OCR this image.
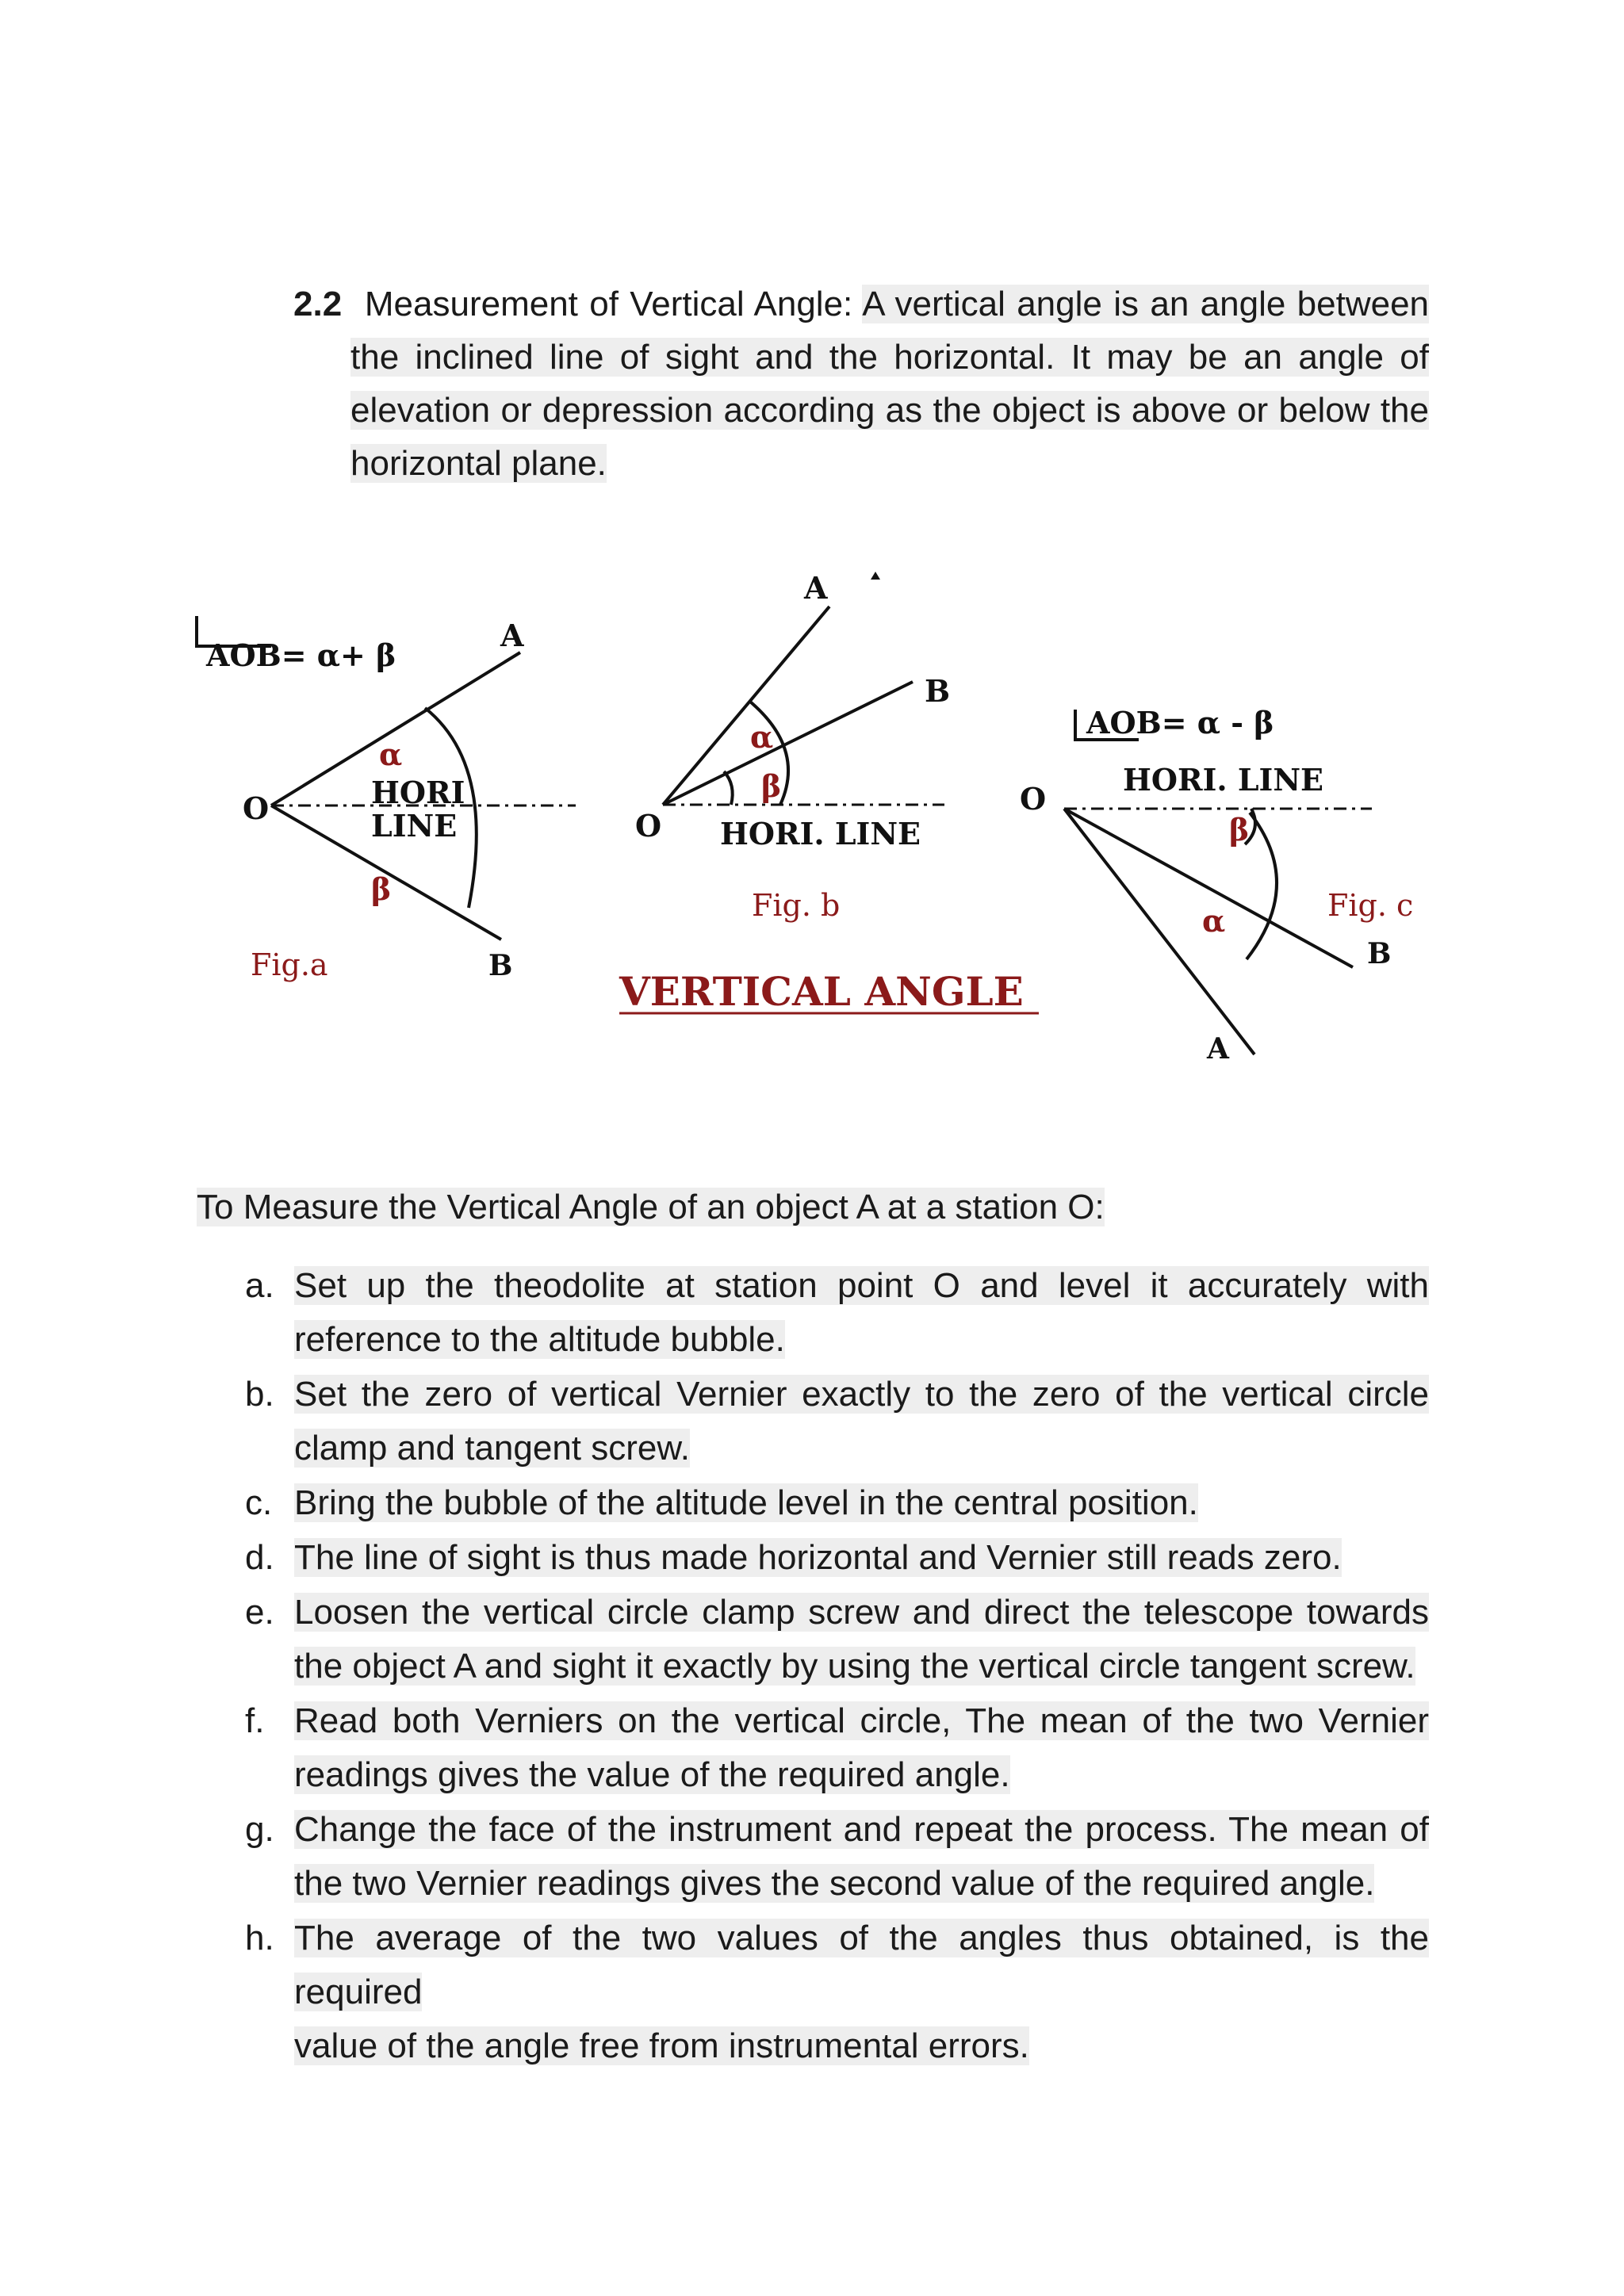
2.2 Measurement of Vertical Angle: A vertical angle is an angle between
the inclined line of sight and the horizontal. It may be an angle of
elevation or depression according as the object is above or below the
horizontal plane.
AOB= α+ β
O
A
B
α
HORI
LINE
β
Fig.a
O
A
B
α
β
HORI. LINE
Fig. b
VERTICAL ANGLE
AOB= α - β
O
HORI. LINE
β
α	Fig. c
B
A
To Measure the Vertical Angle of an object A at a station O:
a. Set up the theodolite at station point O and level it accurately with
reference to the altitude bubble.
b. Set the zero of vertical Vernier exactly to the zero of the vertical circle
clamp and tangent screw.
c. Bring the bubble of the altitude level in the central position.
d. The line of sight is thus made horizontal and Vernier still reads zero.
e. Loosen the vertical circle clamp screw and direct the telescope towards
the object A and sight it exactly by using the vertical circle tangent screw.
f. Read both Verniers on the vertical circle, The mean of the two Vernier
readings gives the value of the required angle.
g. Change the face of the instrument and repeat the process. The mean of
the two Vernier readings gives the second value of the required angle.
h. The average of the two values of the angles thus obtained, is the required
value of the angle free from instrumental errors.
